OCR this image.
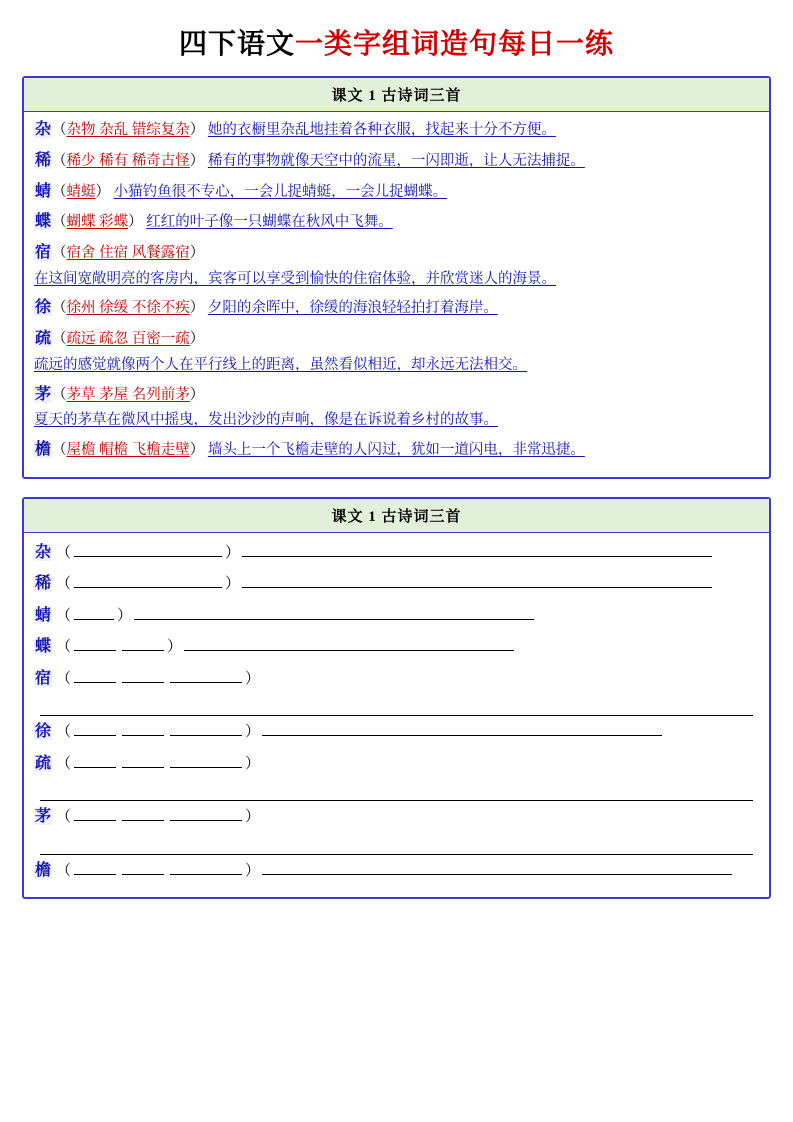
四下语文一类字组词造句每日一练
课文 1 古诗词三首
杂（杂物 杂乱 错综复杂） 她的衣橱里杂乱地挂着各种衣服，找起来十分不方便。
稀（稀少 稀有 稀奇古怪） 稀有的事物就像天空中的流星，一闪即逝，让人无法捕捉。
蜻（蜻蜓） 小猫钓鱼很不专心，一会儿捉蜻蜓，一会儿捉蝴蝶。
蝶（蝴蝶 彩蝶） 红红的叶子像一只蝴蝶在秋风中飞舞。
宿（宿舍 住宿 风餐露宿）
在这间宽敞明亮的客房内，宾客可以享受到愉快的住宿体验，并欣赏迷人的海景。
徐（徐州 徐缓 不徐不疾） 夕阳的余晖中，徐缓的海浪轻轻拍打着海岸。
疏（疏远 疏忽 百密一疏）
疏远的感觉就像两个人在平行线上的距离，虽然看似相近，却永远无法相交。
茅（茅草 茅屋 名列前茅）
夏天的茅草在微风中摇曳，发出沙沙的声响，像是在诉说着乡村的故事。
檐（屋檐 帽檐 飞檐走壁） 墙头上一个飞檐走壁的人闪过，犹如一道闪电，非常迅捷。
课文 1 古诗词三首
杂 （	）
稀 （	）
蜻 （	）
蝶 （	）
宿 （	）
徐 （	）
疏 （	）
茅 （	）
檐 （	）
